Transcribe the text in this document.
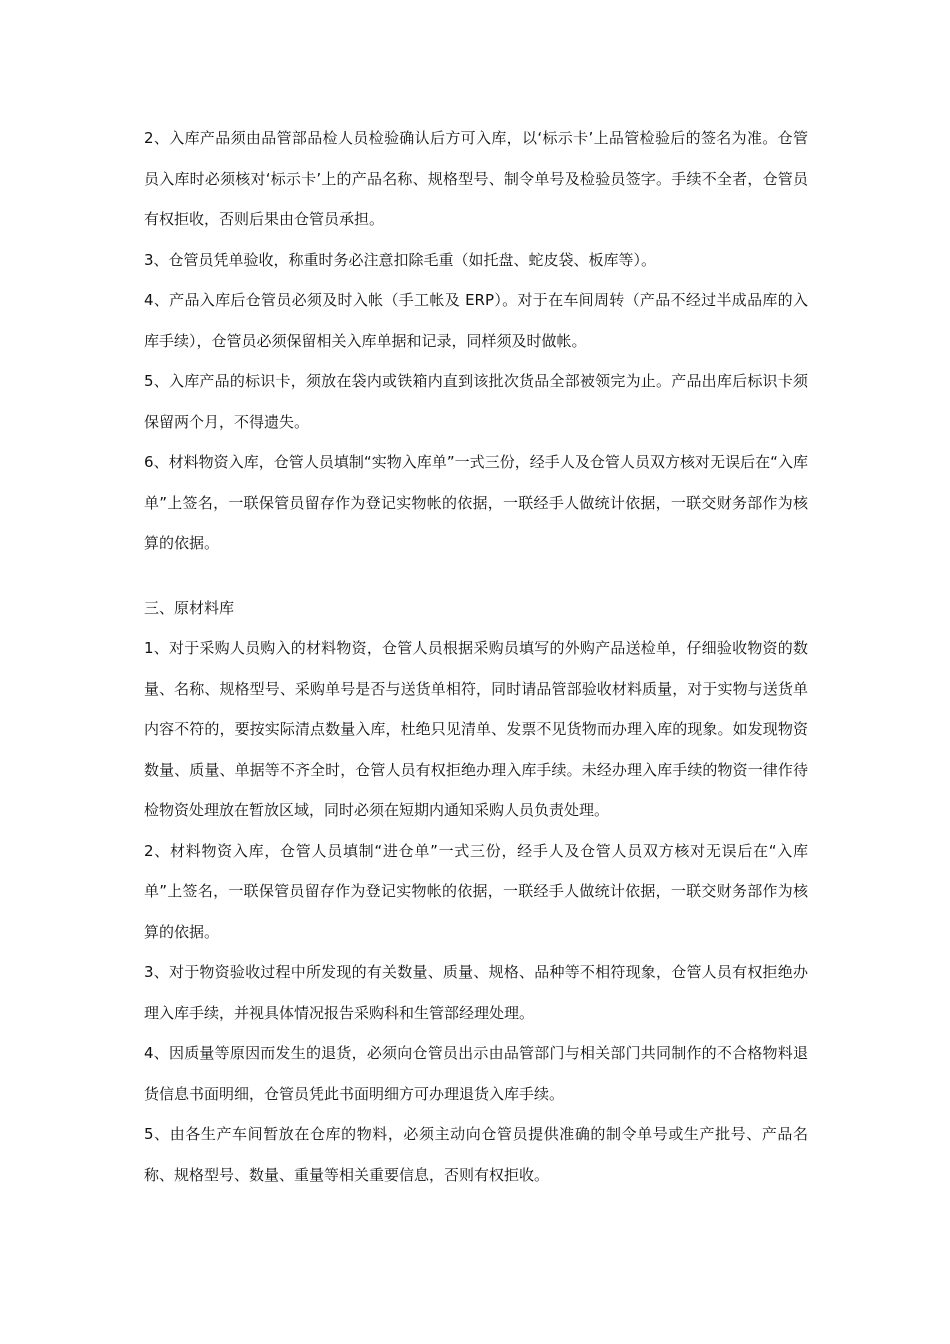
2、入库产品须由品管部品检人员检验确认后方可入库，以‘标示卡’上品管检验后的签名为准。仓管员入库时必须核对‘标示卡’上的产品名称、规格型号、制令单号及检验员签字。手续不全者，仓管员有权拒收，否则后果由仓管员承担。

3、仓管员凭单验收，称重时务必注意扣除毛重（如托盘、蛇皮袋、板库等）。

4、产品入库后仓管员必须及时入帐（手工帐及 ERP）。对于在车间周转（产品不经过半成品库的入库手续），仓管员必须保留相关入库单据和记录，同样须及时做帐。

5、入库产品的标识卡，须放在袋内或铁箱内直到该批次货品全部被领完为止。产品出库后标识卡须保留两个月，不得遗失。

6、材料物资入库，仓管人员填制“实物入库单”一式三份，经手人及仓管人员双方核对无误后在“入库单”上签名，一联保管员留存作为登记实物帐的依据，一联经手人做统计依据，一联交财务部作为核算的依据。

三、原材料库

1、对于采购人员购入的材料物资，仓管人员根据采购员填写的外购产品送检单，仔细验收物资的数量、名称、规格型号、采购单号是否与送货单相符，同时请品管部验收材料质量，对于实物与送货单内容不符的，要按实际清点数量入库，杜绝只见清单、发票不见货物而办理入库的现象。如发现物资数量、质量、单据等不齐全时，仓管人员有权拒绝办理入库手续。未经办理入库手续的物资一律作待检物资处理放在暂放区域，同时必须在短期内通知采购人员负责处理。

2、材料物资入库，仓管人员填制“进仓单”一式三份，经手人及仓管人员双方核对无误后在“入库单”上签名，一联保管员留存作为登记实物帐的依据，一联经手人做统计依据，一联交财务部作为核算的依据。

3、对于物资验收过程中所发现的有关数量、质量、规格、品种等不相符现象，仓管人员有权拒绝办理入库手续，并视具体情况报告采购科和生管部经理处理。

4、因质量等原因而发生的退货，必须向仓管员出示由品管部门与相关部门共同制作的不合格物料退货信息书面明细，仓管员凭此书面明细方可办理退货入库手续。

5、由各生产车间暂放在仓库的物料，必须主动向仓管员提供准确的制令单号或生产批号、产品名称、规格型号、数量、重量等相关重要信息，否则有权拒收。
